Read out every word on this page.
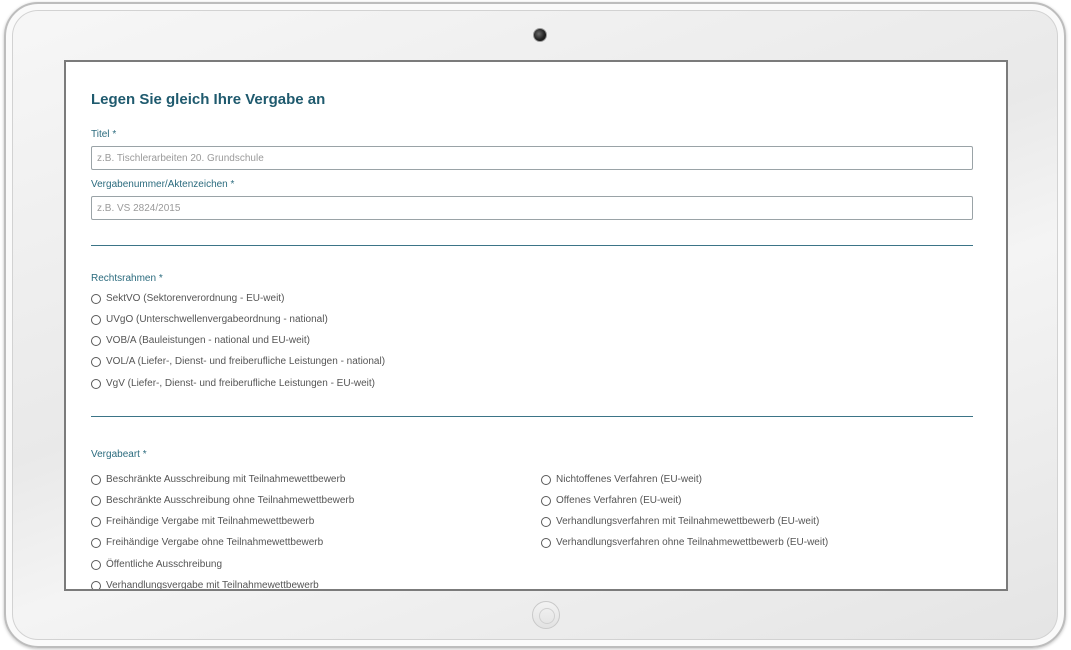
Legen Sie gleich Ihre Vergabe an
Titel *
z.B. Tischlerarbeiten 20. Grundschule
Vergabenummer/Aktenzeichen *
z.B. VS 2824/2015
Rechtsrahmen *
SektVO (Sektorenverordnung - EU-weit)
UVgO (Unterschwellenvergabeordnung - national)
VOB/A (Bauleistungen - national und EU-weit)
VOL/A (Liefer-, Dienst- und freiberufliche Leistungen - national)
VgV (Liefer-, Dienst- und freiberufliche Leistungen - EU-weit)
Vergabeart *
Beschränkte Ausschreibung mit Teilnahmewettbewerb
Beschränkte Ausschreibung ohne Teilnahmewettbewerb
Freihändige Vergabe mit Teilnahmewettbewerb
Freihändige Vergabe ohne Teilnahmewettbewerb
Öffentliche Ausschreibung
Verhandlungsvergabe mit Teilnahmewettbewerb
Nichtoffenes Verfahren (EU-weit)
Offenes Verfahren (EU-weit)
Verhandlungsverfahren mit Teilnahmewettbewerb (EU-weit)
Verhandlungsverfahren ohne Teilnahmewettbewerb (EU-weit)
